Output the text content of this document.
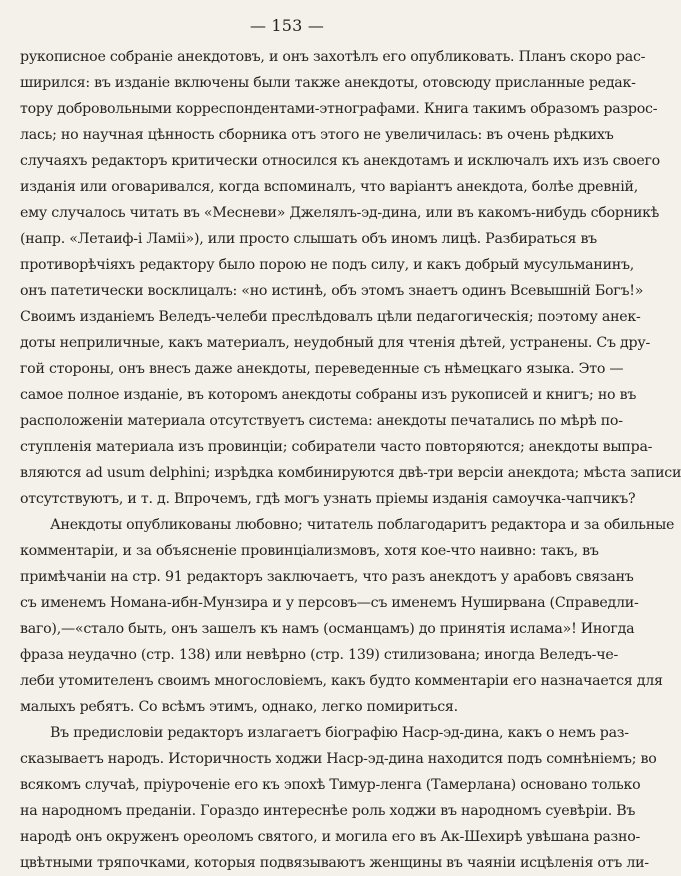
— 153 —
рукописное собраніе анекдотовъ, и онъ захотѣлъ его опубликовать. Планъ скоро рас-
ширился: въ изданіе включены были также анекдоты, отовсюду присланные редак-
тору добровольными корреспондентами-этнографами. Книга такимъ образомъ разрос-
лась; но научная цѣнность сборника отъ этого не увеличилась: въ очень рѣдкихъ
случаяхъ редакторъ критически относился къ анекдотамъ и исключалъ ихъ изъ своего
изданія или оговаривался, когда вспоминалъ, что варіантъ анекдота, болѣе древній,
ему случалось читать въ «Месневи» Джелялъ-эд-дина, или въ какомъ-нибудь сборникѣ
(напр. «Летаиф-і Ламіі»), или просто слышать объ иномъ лицѣ. Разбираться въ
противорѣчіяхъ редактору было порою не подъ силу, и какъ добрый мусульманинъ,
онъ патетически восклицалъ: «но истинѣ, объ этомъ знаетъ одинъ Всевышній Богъ!»
Своимъ изданіемъ Веледъ-челеби преслѣдовалъ цѣли педагогическія; поэтому анек-
доты неприличные, какъ материалъ, неудобный для чтенія дѣтей, устранены. Съ дру-
гой стороны, онъ внесъ даже анекдоты, переведенные съ нѣмецкаго языка. Это —
самое полное изданіе, въ которомъ анекдоты собраны изъ рукописей и книгъ; но въ
расположеніи материала отсутствуетъ система: анекдоты печатались по мѣрѣ по-
ступленія материала изъ провинціи; собиратели часто повторяются; анекдоты выпра-
вляются ad usum delphini; изрѣдка комбинируются двѣ-три версіи анекдота; мѣста записи
отсутствуютъ, и т. д. Впрочемъ, гдѣ могъ узнать пріемы изданія самоучка-чапчикъ?
Анекдоты опубликованы любовно; читатель поблагодаритъ редактора и за обильные
комментаріи, и за объясненіе провинціализмовъ, хотя кое-что наивно: такъ, въ
примѣчаніи на стр. 91 редакторъ заключаетъ, что разъ анекдотъ у арабовъ связанъ
съ именемъ Номана-ибн-Мунзира и у персовъ—съ именемъ Нуширвана (Справедли-
ваго),—«стало быть, онъ зашелъ къ намъ (османцамъ) до принятія ислама»! Иногда
фраза неудачно (стр. 138) или невѣрно (стр. 139) стилизована; иногда Веледъ-че-
леби утомителенъ своимъ многословіемъ, какъ будто комментаріи его назначается для
малыхъ ребятъ. Со всѣмъ этимъ, однако, легко помириться.
Въ предисловіи редакторъ излагаетъ біографію Наср-эд-дина, какъ о немъ раз-
сказываетъ народъ. Историчность ходжи Наср-эд-дина находится подъ сомнѣніемъ; во
всякомъ случаѣ, пріуроченіе его къ эпохѣ Тимур-ленга (Тамерлана) основано только
на народномъ преданіи. Гораздо интереснѣе роль ходжи въ народномъ суевѣріи. Въ
народѣ онъ окруженъ ореоломъ святого, и могила его въ Ак-Шехирѣ увѣшана разно-
цвѣтными тряпочками, которыя подвязываютъ женщины въ чаяніи исцѣленія отъ ли-
